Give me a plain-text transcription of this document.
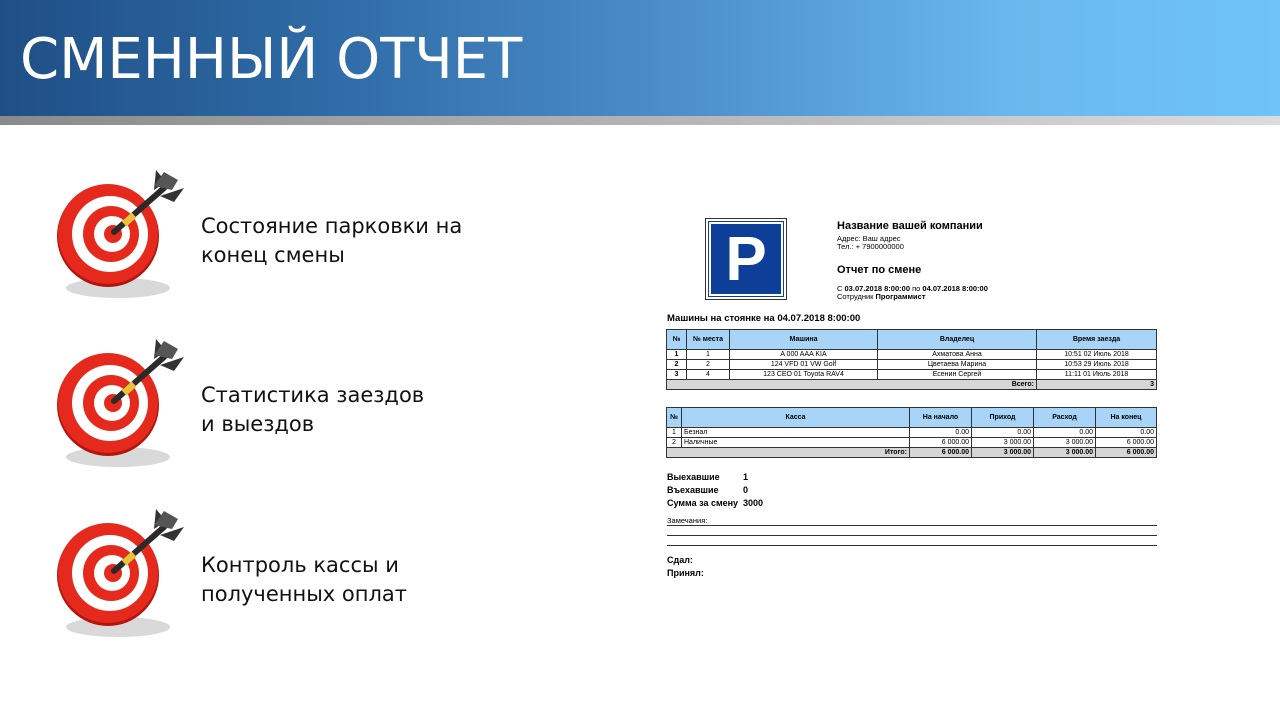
СМЕННЫЙ ОТЧЕТ
Состояние парковки на
конец смены
Статистика заездов
и выездов
Контроль кассы и
полученных оплат
P	Название вашей компании
Адрес: Ваш адрес
Тел.: + 7900000000
Отчет по смене
С 03.07.2018 8:00:00 по 04.07.2018 8:00:00
Сотрудник Программист
Машины на стоянке на 04.07.2018 8:00:00
№	№ места	Машина	Владелец	Время заезда
1	1	A 000 AAA KIA	Ахматова Анна	10:51 02 Июль 2018
2	2	124 VFD 01 VW Golf	Цветаева Марина	10:53 29 Июль 2018
3	4	123 CEO 01 Toyota RAV4	Есенин Сергей	11:11 01 Июль 2018
Всего:				3
№	Касса	На начало	Приход	Расход	На конец
1	Безнал	0.00	0.00	0.00	0.00
2	Наличные	6 000.00	3 000.00	3 000.00	6 000.00
Итого:		6 000.00	3 000.00	3 000.00	6 000.00
Выехавшие	1
Въехавшие	0
Сумма за смену 3000
Замечания:
Сдал:
Принял:
